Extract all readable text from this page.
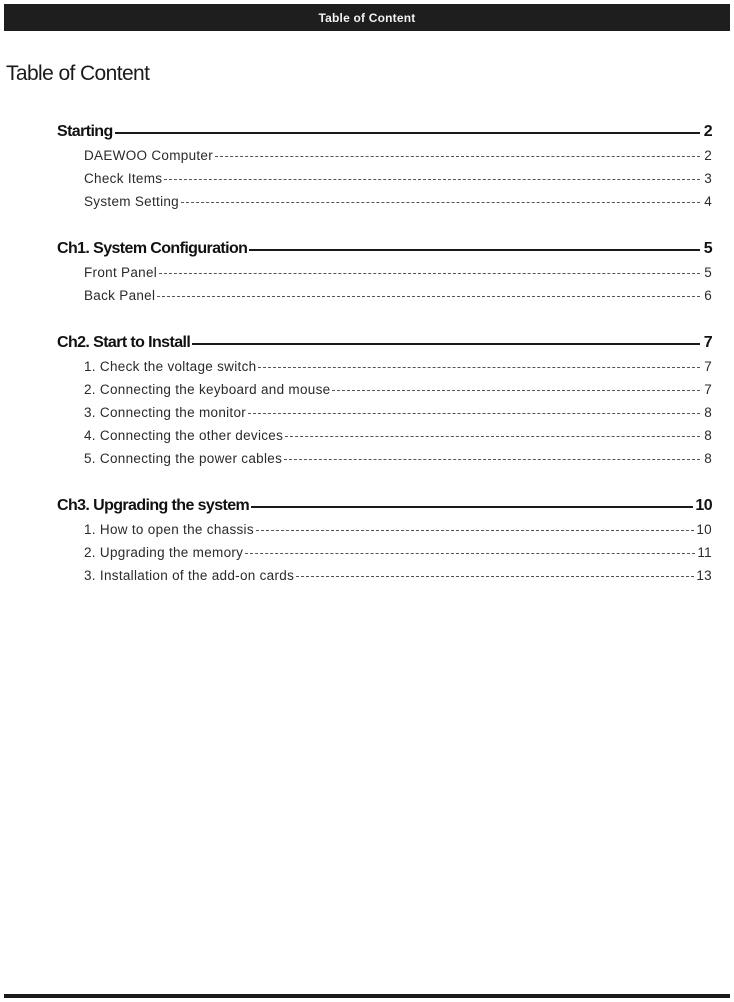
Table of Content
Table of Content
Starting	2
DAEWOO Computer	2
Check Items	3
System Setting	4
Ch1. System Configuration	5
Front Panel	5
Back Panel	6
Ch2. Start to Install	7
1. Check the voltage switch	7
2. Connecting the keyboard and mouse	7
3. Connecting the monitor	8
4. Connecting the other devices	8
5. Connecting the power cables	8
Ch3. Upgrading the system	10
1. How to open the chassis	10
2. Upgrading the memory	11
3. Installation of the add-on cards	13
